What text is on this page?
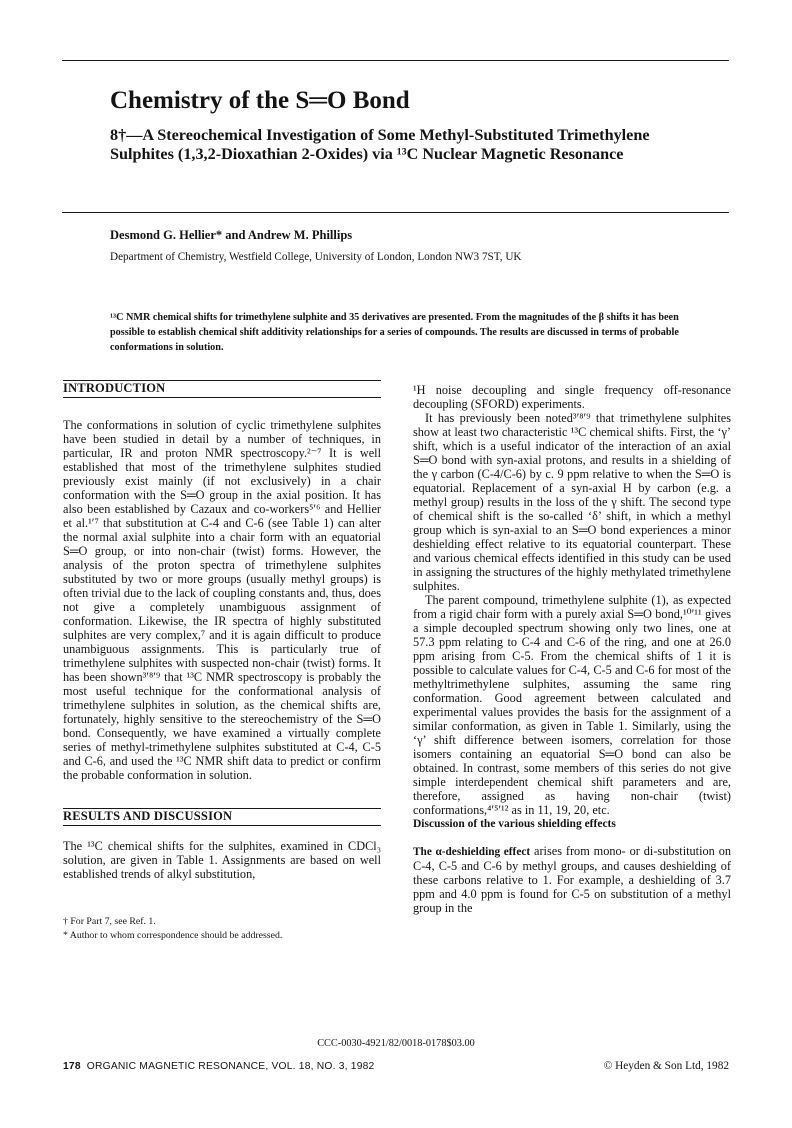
Chemistry of the S═O Bond

8†—A Stereochemical Investigation of Some Methyl-Substituted Trimethylene Sulphites (1,3,2-Dioxathian 2-Oxides) via ¹³C Nuclear Magnetic Resonance

Desmond G. Hellier* and Andrew M. Phillips

Department of Chemistry, Westfield College, University of London, London NW3 7ST, UK

¹³C NMR chemical shifts for trimethylene sulphite and 35 derivatives are presented. From the magnitudes of the β shifts it has been possible to establish chemical shift additivity relationships for a series of compounds. The results are discussed in terms of probable conformations in solution.

INTRODUCTION

The conformations in solution of cyclic trimethylene sulphites have been studied in detail by a number of techniques, in particular, IR and proton NMR spectroscopy.²⁻⁷ It is well established that most of the trimethylene sulphites studied previously exist mainly (if not exclusively) in a chair conformation with the S═O group in the axial position. It has also been established by Cazaux and co-workers⁵′⁶ and Hellier et al.¹′⁷ that substitution at C-4 and C-6 (see Table 1) can alter the normal axial sulphite into a chair form with an equatorial S═O group, or into non-chair (twist) forms. However, the analysis of the proton spectra of trimethylene sulphites substituted by two or more groups (usually methyl groups) is often trivial due to the lack of coupling constants and, thus, does not give a completely unambiguous assignment of conformation. Likewise, the IR spectra of highly substituted sulphites are very complex,⁷ and it is again difficult to produce unambiguous assignments. This is particularly true of trimethylene sulphites with suspected non-chair (twist) forms. It has been shown³′⁸′⁹ that ¹³C NMR spectroscopy is probably the most useful technique for the conformational analysis of trimethylene sulphites in solution, as the chemical shifts are, fortunately, highly sensitive to the stereochemistry of the S═O bond. Consequently, we have examined a virtually complete series of methyl-trimethylene sulphites substituted at C-4, C-5 and C-6, and used the ¹³C NMR shift data to predict or confirm the probable conformation in solution.

RESULTS AND DISCUSSION

The ¹³C chemical shifts for the sulphites, examined in CDCl₃ solution, are given in Table 1. Assignments are based on well established trends of alkyl substitution,

† For Part 7, see Ref. 1.
* Author to whom correspondence should be addressed.

¹H noise decoupling and single frequency off-resonance decoupling (SFORD) experiments.

It has previously been noted³′⁸′⁹ that trimethylene sulphites show at least two characteristic ¹³C chemical shifts. First, the ‘γ’ shift, which is a useful indicator of the interaction of an axial S═O bond with syn-axial protons, and results in a shielding of the γ carbon (C-4/C-6) by c. 9 ppm relative to when the S═O is equatorial. Replacement of a syn-axial H by carbon (e.g. a methyl group) results in the loss of the γ shift. The second type of chemical shift is the so-called ‘δ’ shift, in which a methyl group which is syn-axial to an S═O bond experiences a minor deshielding effect relative to its equatorial counterpart. These and various chemical effects identified in this study can be used in assigning the structures of the highly methylated trimethylene sulphites.

The parent compound, trimethylene sulphite (1), as expected from a rigid chair form with a purely axial S═O bond,¹⁰′¹¹ gives a simple decoupled spectrum showing only two lines, one at 57.3 ppm relating to C-4 and C-6 of the ring, and one at 26.0 ppm arising from C-5. From the chemical shifts of 1 it is possible to calculate values for C-4, C-5 and C-6 for most of the methyltrimethylene sulphites, assuming the same ring conformation. Good agreement between calculated and experimental values provides the basis for the assignment of a similar conformation, as given in Table 1. Similarly, using the ‘γ’ shift difference between isomers, correlation for those isomers containing an equatorial S═O bond can also be obtained. In contrast, some members of this series do not give simple interdependent chemical shift parameters and are, therefore, assigned as having non-chair (twist) conformations,⁴′⁵′¹² as in 11, 19, 20, etc.

Discussion of the various shielding effects

The α-deshielding effect arises from mono- or di-substitution on C-4, C-5 and C-6 by methyl groups, and causes deshielding of these carbons relative to 1. For example, a deshielding of 3.7 ppm and 4.0 ppm is found for C-5 on substitution of a methyl group in the

CCC-0030-4921/82/0018-0178$03.00
178 ORGANIC MAGNETIC RESONANCE, VOL. 18, NO. 3, 1982	© Heyden & Son Ltd, 1982
